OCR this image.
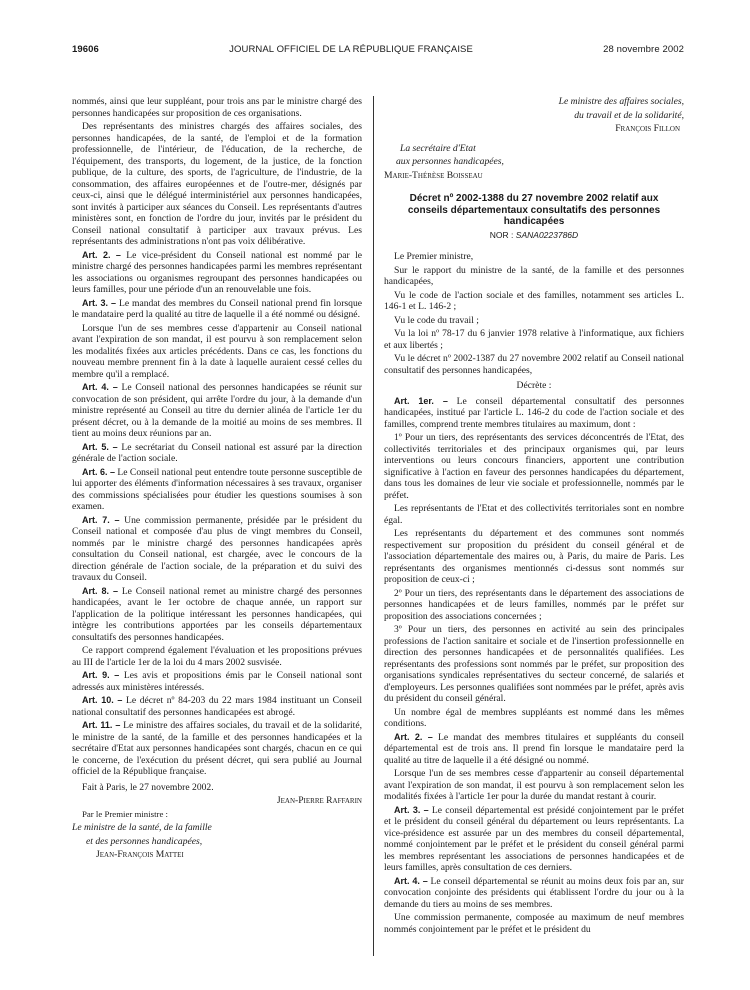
19606	JOURNAL OFFICIEL DE LA RÉPUBLIQUE FRANÇAISE	28 novembre 2002

nommés, ainsi que leur suppléant, pour trois ans par le ministre chargé des personnes handicapées sur proposition de ces organisations.

Des représentants des ministres chargés des affaires sociales, des personnes handicapées, de la santé, de l'emploi et de la formation professionnelle, de l'intérieur, de l'éducation, de la recherche, de l'équipement, des transports, du logement, de la justice, de la fonction publique, de la culture, des sports, de l'agriculture, de l'industrie, de la consommation, des affaires européennes et de l'outre-mer, désignés par ceux-ci, ainsi que le délégué interministériel aux personnes handicapées, sont invités à participer aux séances du Conseil. Les représentants d'autres ministères sont, en fonction de l'ordre du jour, invités par le président du Conseil national consultatif à participer aux travaux prévus. Les représentants des administrations n'ont pas voix délibérative.

Art. 2. – Le vice-président du Conseil national est nommé par le ministre chargé des personnes handicapées parmi les membres représentant les associations ou organismes regroupant des personnes handicapées ou leurs familles, pour une période d'un an renouvelable une fois.

Art. 3. – Le mandat des membres du Conseil national prend fin lorsque le mandataire perd la qualité au titre de laquelle il a été nommé ou désigné.

Lorsque l'un de ses membres cesse d'appartenir au Conseil national avant l'expiration de son mandat, il est pourvu à son remplacement selon les modalités fixées aux articles précédents. Dans ce cas, les fonctions du nouveau membre prennent fin à la date à laquelle auraient cessé celles du membre qu'il a remplacé.

Art. 4. – Le Conseil national des personnes handicapées se réunit sur convocation de son président, qui arrête l'ordre du jour, à la demande d'un ministre représenté au Conseil au titre du dernier alinéa de l'article 1er du présent décret, ou à la demande de la moitié au moins de ses membres. Il tient au moins deux réunions par an.

Art. 5. – Le secrétariat du Conseil national est assuré par la direction générale de l'action sociale.

Art. 6. – Le Conseil national peut entendre toute personne susceptible de lui apporter des éléments d'information nécessaires à ses travaux, organiser des commissions spécialisées pour étudier les questions soumises à son examen.

Art. 7. – Une commission permanente, présidée par le président du Conseil national et composée d'au plus de vingt membres du Conseil, nommés par le ministre chargé des personnes handicapées après consultation du Conseil national, est chargée, avec le concours de la direction générale de l'action sociale, de la préparation et du suivi des travaux du Conseil.

Art. 8. – Le Conseil national remet au ministre chargé des personnes handicapées, avant le 1er octobre de chaque année, un rapport sur l'application de la politique intéressant les personnes handicapées, qui intègre les contributions apportées par les conseils départementaux consultatifs des personnes handicapées.

Ce rapport comprend également l'évaluation et les propositions prévues au III de l'article 1er de la loi du 4 mars 2002 susvisée.

Art. 9. – Les avis et propositions émis par le Conseil national sont adressés aux ministères intéressés.

Art. 10. – Le décret nº 84-203 du 22 mars 1984 instituant un Conseil national consultatif des personnes handicapées est abrogé.

Art. 11. – Le ministre des affaires sociales, du travail et de la solidarité, le ministre de la santé, de la famille et des personnes handicapées et la secrétaire d'Etat aux personnes handicapées sont chargés, chacun en ce qui le concerne, de l'exécution du présent décret, qui sera publié au Journal officiel de la République française.

Fait à Paris, le 27 novembre 2002.

Jean-Pierre Raffarin

Par le Premier ministre :

Le ministre de la santé, de la famille

et des personnes handicapées,

Jean-François Mattei

Le ministre des affaires sociales,

du travail et de la solidarité,

François Fillon

La secrétaire d'Etat

aux personnes handicapées,

Marie-Thérèse Boisseau

Décret nº 2002-1388 du 27 novembre 2002 relatif aux conseils départementaux consultatifs des personnes handicapées

NOR : SANA0223786D

Le Premier ministre,

Sur le rapport du ministre de la santé, de la famille et des personnes handicapées,

Vu le code de l'action sociale et des familles, notamment ses articles L. 146-1 et L. 146-2 ;

Vu le code du travail ;

Vu la loi nº 78-17 du 6 janvier 1978 relative à l'informatique, aux fichiers et aux libertés ;

Vu le décret nº 2002-1387 du 27 novembre 2002 relatif au Conseil national consultatif des personnes handicapées,

Décrète :

Art. 1er. – Le conseil départemental consultatif des personnes handicapées, institué par l'article L. 146-2 du code de l'action sociale et des familles, comprend trente membres titulaires au maximum, dont :

1º Pour un tiers, des représentants des services déconcentrés de l'Etat, des collectivités territoriales et des principaux organismes qui, par leurs interventions ou leurs concours financiers, apportent une contribution significative à l'action en faveur des personnes handicapées du département, dans tous les domaines de leur vie sociale et professionnelle, nommés par le préfet.

Les représentants de l'Etat et des collectivités territoriales sont en nombre égal.

Les représentants du département et des communes sont nommés respectivement sur proposition du président du conseil général et de l'association départementale des maires ou, à Paris, du maire de Paris. Les représentants des organismes mentionnés ci-dessus sont nommés sur proposition de ceux-ci ;

2º Pour un tiers, des représentants dans le département des associations de personnes handicapées et de leurs familles, nommés par le préfet sur proposition des associations concernées ;

3º Pour un tiers, des personnes en activité au sein des principales professions de l'action sanitaire et sociale et de l'insertion professionnelle en direction des personnes handicapées et de personnalités qualifiées. Les représentants des professions sont nommés par le préfet, sur proposition des organisations syndicales représentatives du secteur concerné, de salariés et d'employeurs. Les personnes qualifiées sont nommées par le préfet, après avis du président du conseil général.

Un nombre égal de membres suppléants est nommé dans les mêmes conditions.

Art. 2. – Le mandat des membres titulaires et suppléants du conseil départemental est de trois ans. Il prend fin lorsque le mandataire perd la qualité au titre de laquelle il a été désigné ou nommé.

Lorsque l'un de ses membres cesse d'appartenir au conseil départemental avant l'expiration de son mandat, il est pourvu à son remplacement selon les modalités fixées à l'article 1er pour la durée du mandat restant à courir.

Art. 3. – Le conseil départemental est présidé conjointement par le préfet et le président du conseil général du département ou leurs représentants. La vice-présidence est assurée par un des membres du conseil départemental, nommé conjointement par le préfet et le président du conseil général parmi les membres représentant les associations de personnes handicapées et de leurs familles, après consultation de ces derniers.

Art. 4. – Le conseil départemental se réunit au moins deux fois par an, sur convocation conjointe des présidents qui établissent l'ordre du jour ou à la demande du tiers au moins de ses membres.

Une commission permanente, composée au maximum de neuf membres nommés conjointement par le préfet et le président du
